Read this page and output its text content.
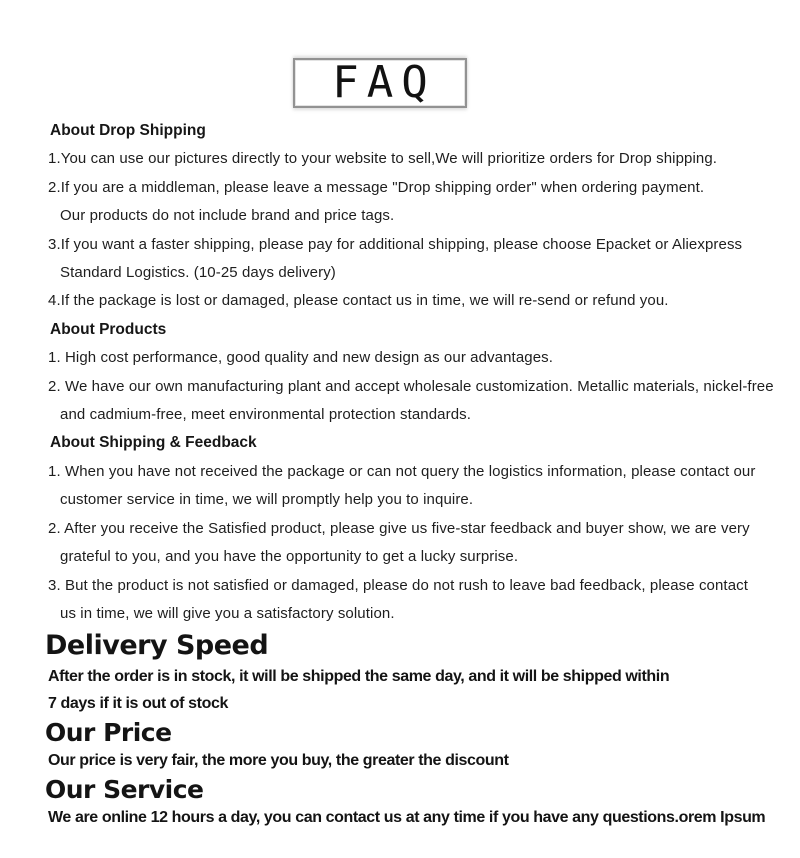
FAQ

About Drop Shipping

1.You can use our pictures directly to your website to sell,We will prioritize orders for Drop shipping.

2.If you are a middleman, please leave a message "Drop shipping order" when ordering payment.

Our products do not include brand and price tags.

3.If you want a faster shipping, please pay for additional shipping, please choose Epacket or Aliexpress

Standard Logistics. (10-25 days delivery)

4.If the package is lost or damaged, please contact us in time, we will re-send or refund you.

About Products

1. High cost performance, good quality and new design as our advantages.

2. We have our own manufacturing plant and accept wholesale customization. Metallic materials, nickel-free

and cadmium-free, meet environmental protection standards.

About Shipping & Feedback

1. When you have not received the package or can not query the logistics information, please contact our

customer service in time, we will promptly help you to inquire.

2. After you receive the Satisfied product, please give us five-star feedback and buyer show, we are very

grateful to you, and you have the opportunity to get a lucky surprise.

3. But the product is not satisfied or damaged, please do not rush to leave bad feedback, please contact

us in time, we will give you a satisfactory solution.

Delivery Speed

After the order is in stock, it will be shipped the same day, and it will be shipped within

7 days if it is out of stock

Our Price

Our price is very fair, the more you buy, the greater the discount

Our Service

We are online 12 hours a day, you can contact us at any time if you have any questions.orem Ipsum
